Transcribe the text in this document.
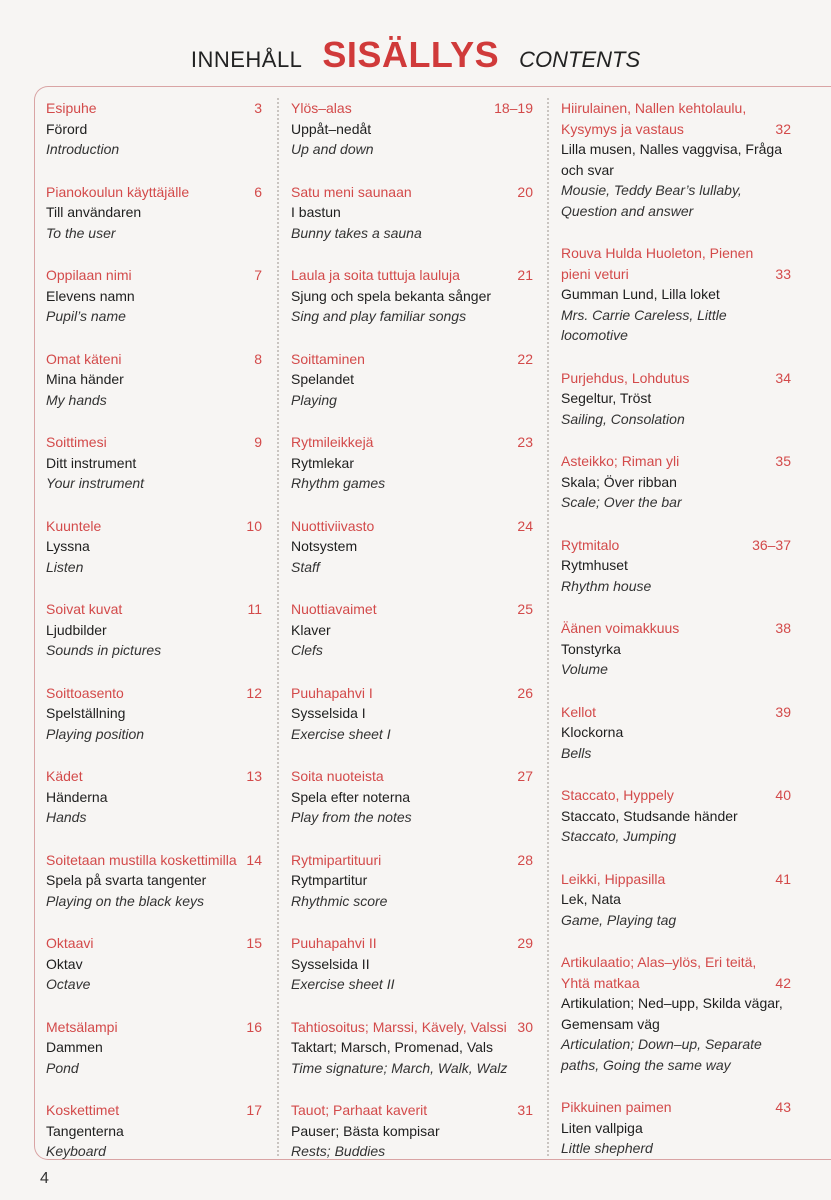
INNEHÅLL SISÄLLYS CONTENTS
Esipuhe	3
Förord
Introduction
Pianokoulun käyttäjälle	6
Till användaren
To the user
Oppilaan nimi	7
Elevens namn
Pupil’s name
Omat käteni	8
Mina händer
My hands
Soittimesi	9
Ditt instrument
Your instrument
Kuuntele	10
Lyssna
Listen
Soivat kuvat	11
Ljudbilder
Sounds in pictures
Soittoasento	12
Spelställning
Playing position
Kädet	13
Händerna
Hands
Soitetaan mustilla koskettimilla 14
Spela på svarta tangenter
Playing on the black keys
Oktaavi	15
Oktav
Octave
Metsälampi	16
Dammen
Pond
Koskettimet	17
Tangenterna
Keyboard
Ylös–alas	18–19
Uppåt–nedåt
Up and down
Satu meni saunaan	20
I bastun
Bunny takes a sauna
Laula ja soita tuttuja lauluja	21
Sjung och spela bekanta sånger
Sing and play familiar songs
Soittaminen	22
Spelandet
Playing
Rytmileikkejä	23
Rytmlekar
Rhythm games
Nuottiviivasto	24
Notsystem
Staff
Nuottiavaimet	25
Klaver
Clefs
Puuhapahvi I	26
Sysselsida I
Exercise sheet I
Soita nuoteista	27
Spela efter noterna
Play from the notes
Rytmipartituuri	28
Rytmpartitur
Rhythmic score
Puuhapahvi II	29
Sysselsida II
Exercise sheet II
Tahtiosoitus; Marssi, Kävely, Valssi 30
Taktart; Marsch, Promenad, Vals
Time signature; March, Walk, Walz
Tauot; Parhaat kaverit	31
Pauser; Bästa kompisar
Rests; Buddies
Hiirulainen, Nallen kehtolaulu, Kysymys ja vastaus	32
Lilla musen, Nalles vaggvisa, Fråga och svar
Mousie, Teddy Bear’s lullaby, Question and answer
Rouva Hulda Huoleton, Pienen pieni veturi	33
Gumman Lund, Lilla loket
Mrs. Carrie Careless, Little locomotive
Purjehdus, Lohdutus	34
Segeltur, Tröst
Sailing, Consolation
Asteikko; Riman yli	35
Skala; Över ribban
Scale; Over the bar
Rytmitalo	36–37
Rytmhuset
Rhythm house
Äänen voimakkuus	38
Tonstyrka
Volume
Kellot	39
Klockorna
Bells
Staccato, Hyppely	40
Staccato, Studsande händer
Staccato, Jumping
Leikki, Hippasilla	41
Lek, Nata
Game, Playing tag
Artikulaatio; Alas–ylös, Eri teitä, Yhtä matkaa	42
Artikulation; Ned–upp, Skilda vägar, Gemensam väg
Articulation; Down–up, Separate paths, Going the same way
Pikkuinen paimen	43
Liten vallpiga
Little shepherd
4
